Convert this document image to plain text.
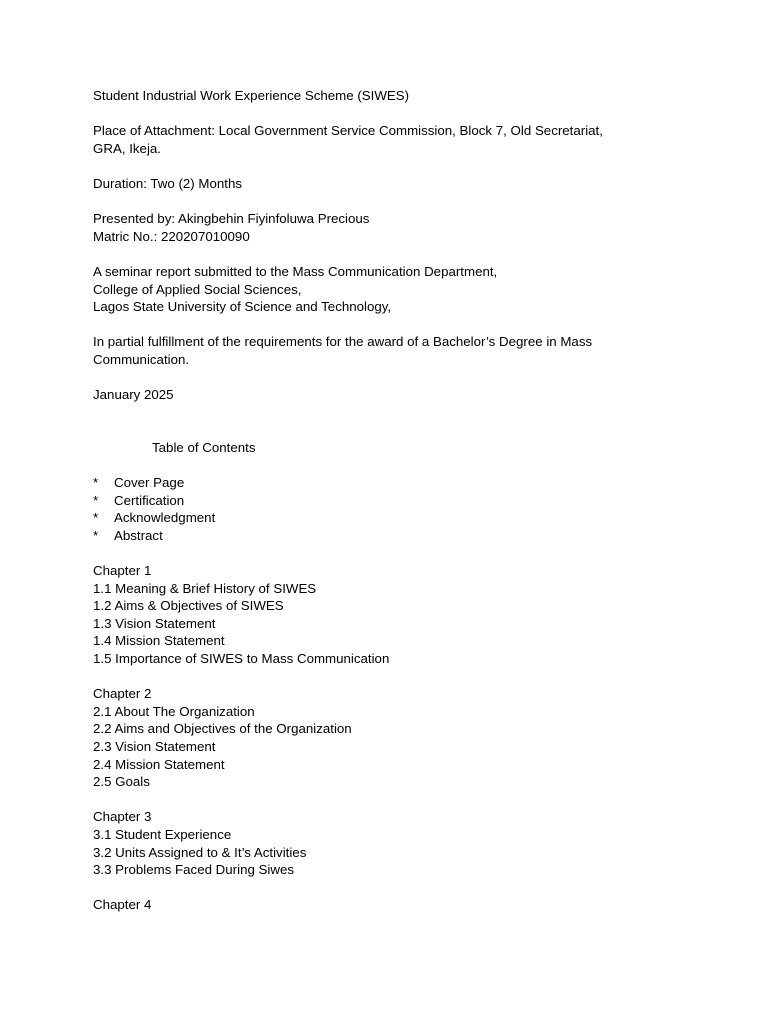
Student Industrial Work Experience Scheme (SIWES)

Place of Attachment: Local Government Service Commission, Block 7, Old Secretariat,

GRA, Ikeja.

Duration: Two (2) Months

Presented by: Akingbehin Fiyinfoluwa Precious

Matric No.: 220207010090

A seminar report submitted to the Mass Communication Department,

College of Applied Social Sciences,

Lagos State University of Science and Technology,

In partial fulfillment of the requirements for the award of a Bachelor’s Degree in Mass

Communication.

January 2025

Table of Contents

*	Cover Page
*	Certification
*	Acknowledgment
*	Abstract

Chapter 1

1.1 Meaning & Brief History of SIWES

1.2 Aims & Objectives of SIWES

1.3 Vision Statement

1.4 Mission Statement

1.5 Importance of SIWES to Mass Communication

Chapter 2

2.1 About The Organization

2.2 Aims and Objectives of the Organization

2.3 Vision Statement

2.4 Mission Statement

2.5 Goals

Chapter 3

3.1 Student Experience

3.2 Units Assigned to & It’s Activities

3.3 Problems Faced During Siwes

Chapter 4
